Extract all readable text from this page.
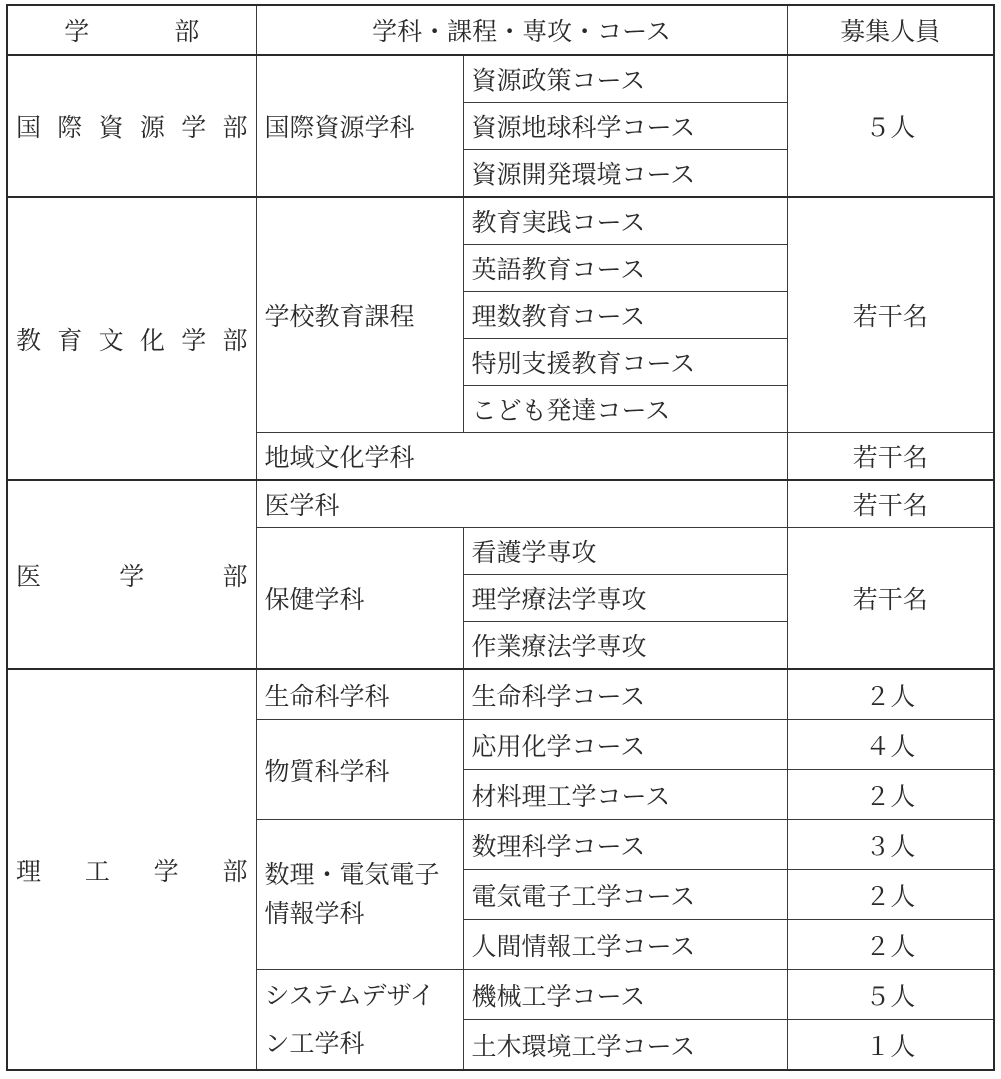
学　部	学科・課程・専攻・コース		募集人員
国際資源学部	国際資源学科	資源政策コース	５人
		資源地球科学コース	
		資源開発環境コース	
教育文化学部	学校教育課程	教育実践コース	若干名
		英語教育コース	
		理数教育コース	
		特別支援教育コース	
		こども発達コース	
	地域文化学科		若干名
医学部	医学科		若干名
	保健学科	看護学専攻	若干名
		理学療法学専攻	
		作業療法学専攻	
理工学部	生命科学科	生命科学コース	２人
	物質科学科	応用化学コース	４人
		材料理工学コース	２人
	数理・電気電子情報学科	数理科学コース	３人
		電気電子工学コース	２人
		人間情報工学コース	２人
	システムデザイン工学科	機械工学コース	５人
		土木環境工学コース	１人
